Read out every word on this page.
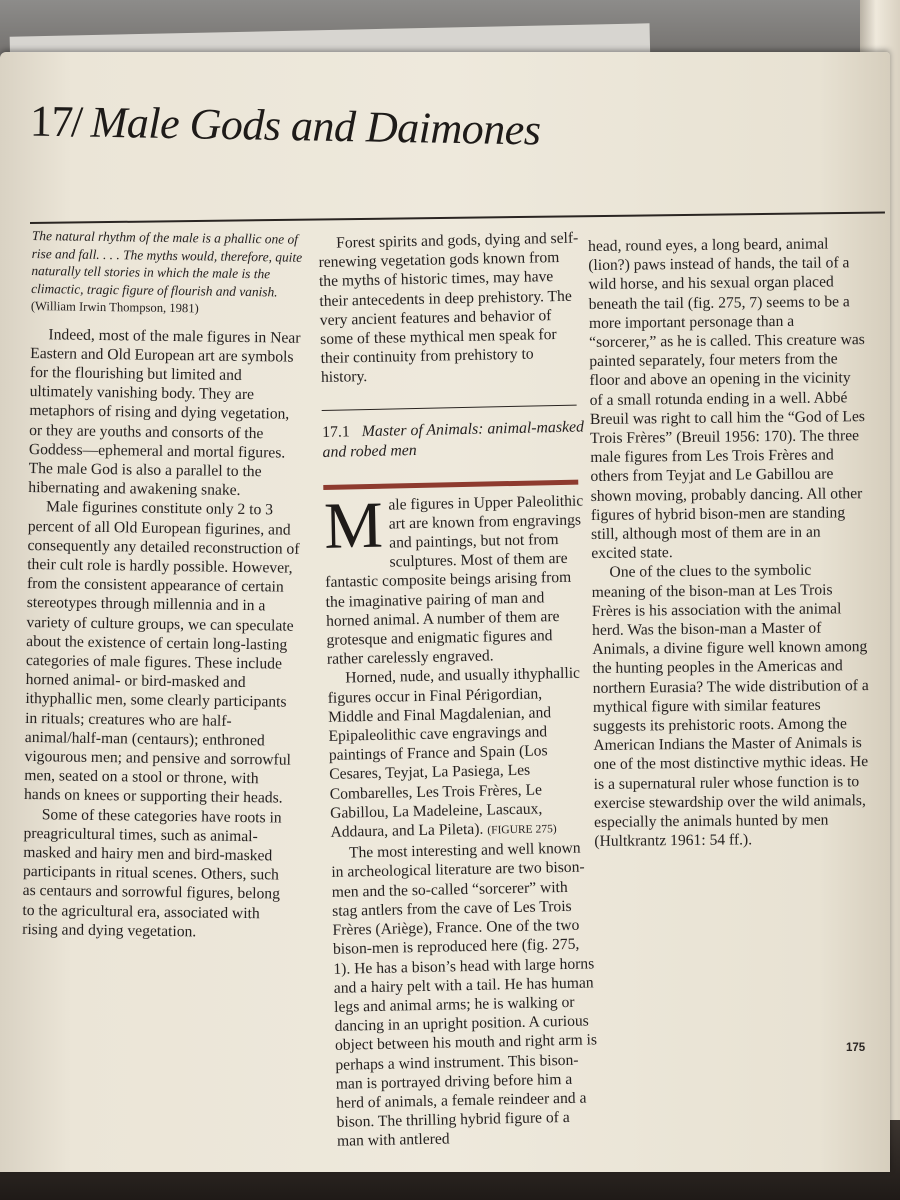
17/ Male Gods and Daimones
The natural rhythm of the male is a phallic one of rise and fall. . . . The myths would, therefore, quite naturally tell stories in which the male is the climactic, tragic figure of flourish and vanish. (William Irwin Thompson, 1981)

Indeed, most of the male figures in Near Eastern and Old European art are symbols for the flourishing but limited and ultimately vanishing body. They are metaphors of rising and dying vegetation, or they are youths and consorts of the Goddess—ephemeral and mortal figures. The male God is also a parallel to the hibernating and awakening snake.

Male figurines constitute only 2 to 3 percent of all Old European figurines, and consequently any detailed reconstruction of their cult role is hardly possible. However, from the consistent appearance of certain stereotypes through millennia and in a variety of culture groups, we can speculate about the existence of certain long-lasting categories of male figures. These include horned animal- or bird-masked and ithyphallic men, some clearly participants in rituals; creatures who are half-animal/half-man (centaurs); enthroned vigourous men; and pensive and sorrowful men, seated on a stool or throne, with hands on knees or supporting their heads.

Some of these categories have roots in preagricultural times, such as animal-masked and hairy men and bird-masked participants in ritual scenes. Others, such as centaurs and sorrowful figures, belong to the agricultural era, associated with rising and dying vegetation.

Forest spirits and gods, dying and self-renewing vegetation gods known from the myths of historic times, may have their antecedents in deep prehistory. The very ancient features and behavior of some of these mythical men speak for their continuity from prehistory to history.

17.1 Master of Animals: animal-masked and robed men

Male figures in Upper Paleolithic art are known from engravings and paintings, but not from sculptures. Most of them are fantastic composite beings arising from the imaginative pairing of man and horned animal. A number of them are grotesque and enigmatic figures and rather carelessly engraved.

Horned, nude, and usually ithyphallic figures occur in Final Périgordian, Middle and Final Magdalenian, and Epipaleolithic cave engravings and paintings of France and Spain (Los Cesares, Teyjat, La Pasiega, Les Combarelles, Les Trois Frères, Le Gabillou, La Madeleine, Lascaux, Addaura, and La Pileta). (FIGURE 275)

The most interesting and well known in archeological literature are two bison-men and the so-called “sorcerer” with stag antlers from the cave of Les Trois Frères (Ariège), France. One of the two bison-men is reproduced here (fig. 275, 1). He has a bison’s head with large horns and a hairy pelt with a tail. He has human legs and animal arms; he is walking or dancing in an upright position. A curious object between his mouth and right arm is perhaps a wind instrument. This bison-man is portrayed driving before him a herd of animals, a female reindeer and a bison. The thrilling hybrid figure of a man with antlered

head, round eyes, a long beard, animal (lion?) paws instead of hands, the tail of a wild horse, and his sexual organ placed beneath the tail (fig. 275, 7) seems to be a more important personage than a “sorcerer,” as he is called. This creature was painted separately, four meters from the floor and above an opening in the vicinity of a small rotunda ending in a well. Abbé Breuil was right to call him the “God of Les Trois Frères” (Breuil 1956: 170). The three male figures from Les Trois Frères and others from Teyjat and Le Gabillou are shown moving, probably dancing. All other figures of hybrid bison-men are standing still, although most of them are in an excited state.

One of the clues to the symbolic meaning of the bison-man at Les Trois Frères is his association with the animal herd. Was the bison-man a Master of Animals, a divine figure well known among the hunting peoples in the Americas and northern Eurasia? The wide distribution of a mythical figure with similar features suggests its prehistoric roots. Among the American Indians the Master of Animals is one of the most distinctive mythic ideas. He is a supernatural ruler whose function is to exercise stewardship over the wild animals, especially the animals hunted by men (Hultkrantz 1961: 54 ff.).

175
